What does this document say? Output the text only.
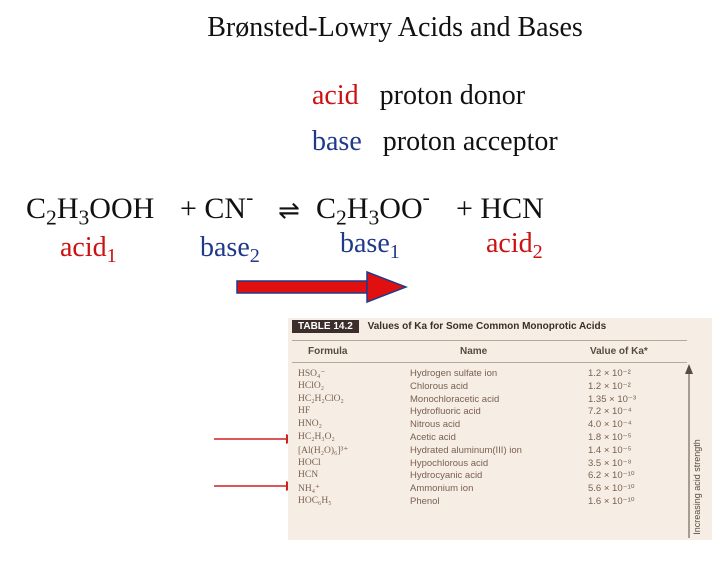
Brønsted-Lowry Acids and Bases
acid proton donor
base proton acceptor
$C_2H_3OOH + CN^-$ ⇌ $C_2H_3OO^-$ + HCN
acid$_1$	base$_2$	base$_1$	acid$_2$
TABLE 14.2 Values of Ka for Some Common Monoprotic Acids
Formula	Name	Value of Ka*
HSO₄⁻	Hydrogen sulfate ion	1.2 × 10⁻²
HClO₂	Chlorous acid	1.2 × 10⁻²
HC₂H₂ClO₂	Monochloracetic acid	1.35 × 10⁻³
HF	Hydrofluoric acid	7.2 × 10⁻⁴
HNO₂	Nitrous acid	4.0 × 10⁻⁴
HC₂H₃O₂	Acetic acid	1.8 × 10⁻⁵
[Al(H₂O)₆]³⁺	Hydrated aluminum(III) ion	1.4 × 10⁻⁵
HOCl	Hypochlorous acid	3.5 × 10⁻⁸
HCN	Hydrocyanic acid	6.2 × 10⁻¹⁰
NH₄⁺	Ammonium ion	5.6 × 10⁻¹⁰
HOC₆H₅	Phenol	1.6 × 10⁻¹⁰	Increasing acid strength
